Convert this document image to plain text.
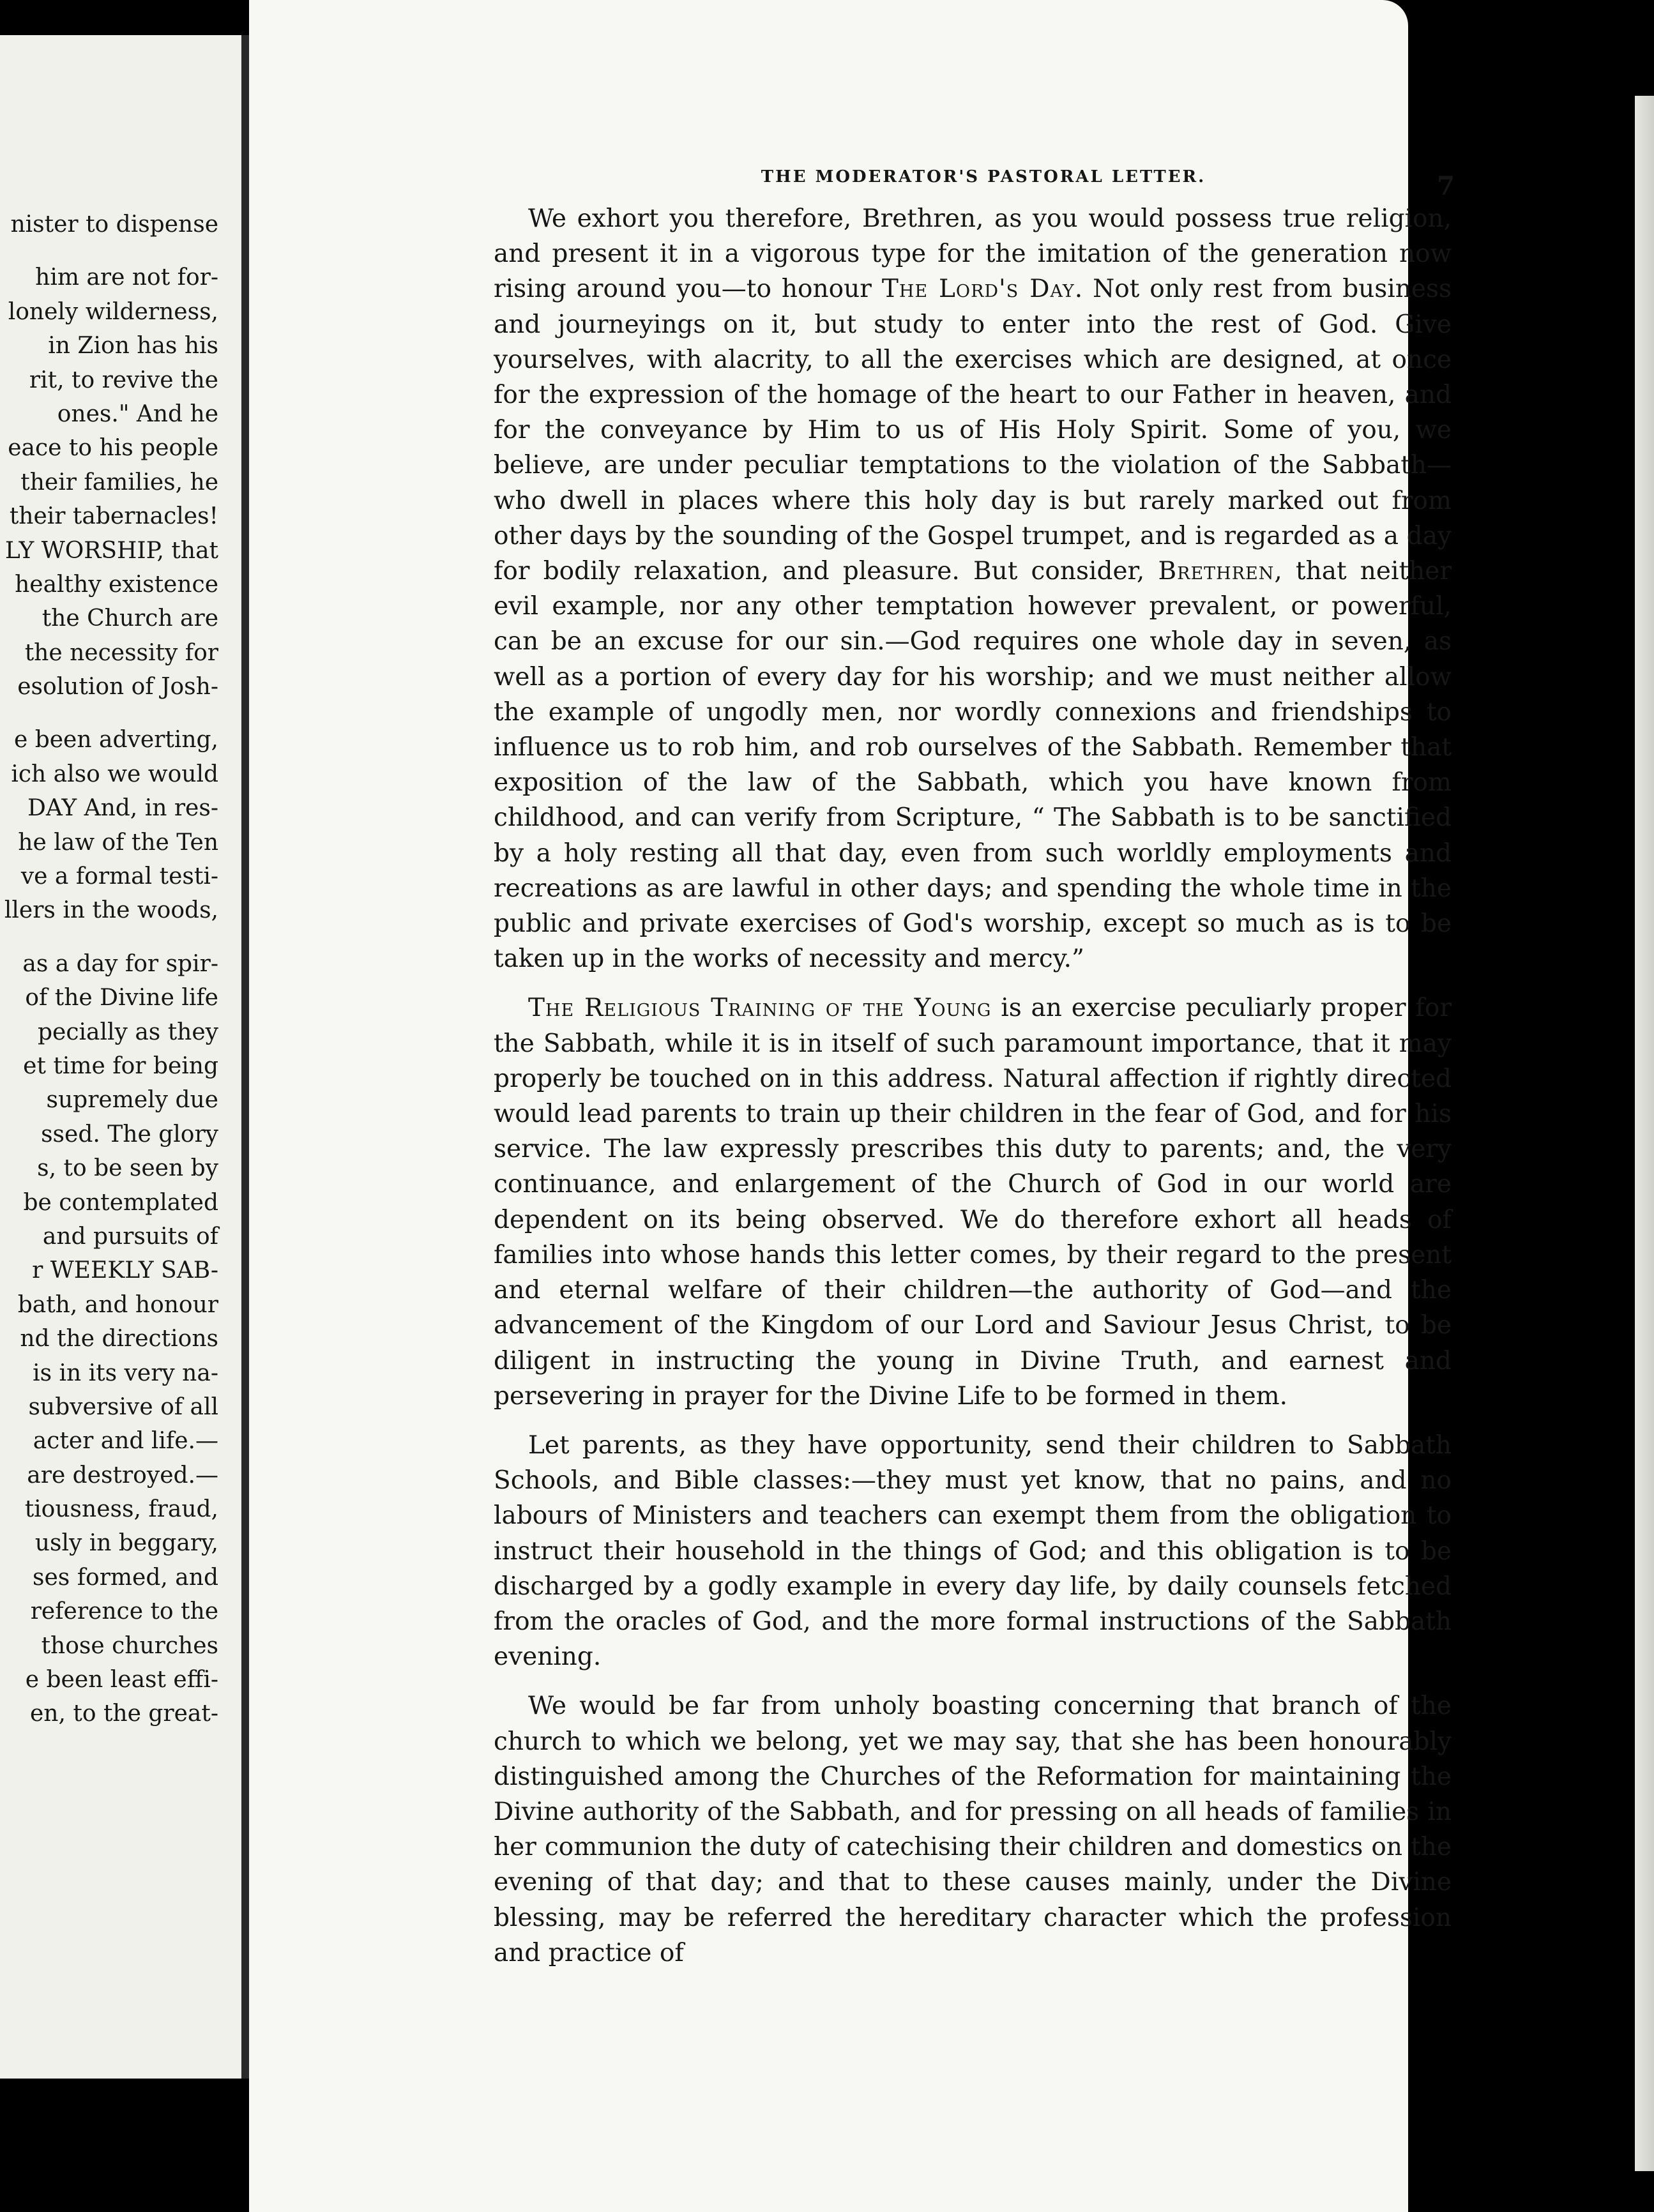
nister to dispense
him are not for-
lonely wilderness,
in Zion has his
rit, to revive the
ones." And he
eace to his people
their families, he
their tabernacles!
LY WORSHIP, that
healthy existence
the Church are
the necessity for
esolution of Josh-
e been adverting,
ich also we would
DAY And, in res-
he law of the Ten
ve a formal testi-
llers in the woods,
as a day for spir-
of the Divine life
pecially as they
et time for being
supremely due
ssed. The glory
s, to be seen by
be contemplated
and pursuits of
r WEEKLY SAB-
bath, and honour
nd the directions
is in its very na-
subversive of all
acter and life.—
are destroyed.—
tiousness, fraud,
usly in beggary,
ses formed, and
reference to the
those churches
e been least effi-
en, to the great-
THE MODERATOR'S PASTORAL LETTER.	7

We exhort you therefore, Brethren, as you would possess true religion, and present it in a vigorous type for the imitation of the generation now rising around you—to honour The Lord's Day. Not only rest from business and journeyings on it, but study to enter into the rest of God. Give yourselves, with alacrity, to all the exercises which are designed, at once for the expression of the homage of the heart to our Father in heaven, and for the conveyance by Him to us of His Holy Spirit. Some of you, we believe, are under peculiar temptations to the violation of the Sabbath—who dwell in places where this holy day is but rarely marked out from other days by the sounding of the Gospel trumpet, and is regarded as a day for bodily relaxation, and pleasure. But consider, Brethren, that neither evil example, nor any other temptation however prevalent, or powerful, can be an excuse for our sin.—God requires one whole day in seven, as well as a portion of every day for his worship; and we must neither allow the example of ungodly men, nor wordly connexions and friendships to influence us to rob him, and rob ourselves of the Sabbath. Remember that exposition of the law of the Sabbath, which you have known from childhood, and can verify from Scripture, “ The Sabbath is to be sanctified by a holy resting all that day, even from such worldly employments and recreations as are lawful in other days; and spending the whole time in the public and private exercises of God's worship, except so much as is to be taken up in the works of necessity and mercy.”

The Religious Training of the Young is an exercise peculiarly proper for the Sabbath, while it is in itself of such paramount importance, that it may properly be touched on in this address. Natural affection if rightly directed would lead parents to train up their children in the fear of God, and for his service. The law expressly prescribes this duty to parents; and, the very continuance, and enlargement of the Church of God in our world are dependent on its being observed. We do therefore exhort all heads of families into whose hands this letter comes, by their regard to the present and eternal welfare of their children—the authority of God—and the advancement of the Kingdom of our Lord and Saviour Jesus Christ, to be diligent in instructing the young in Divine Truth, and earnest and persevering in prayer for the Divine Life to be formed in them.

Let parents, as they have opportunity, send their children to Sabbath Schools, and Bible classes:—they must yet know, that no pains, and no labours of Ministers and teachers can exempt them from the obligation to instruct their household in the things of God; and this obligation is to be discharged by a godly example in every day life, by daily counsels fetched from the oracles of God, and the more formal instructions of the Sabbath evening.

We would be far from unholy boasting concerning that branch of the church to which we belong, yet we may say, that she has been honourably distinguished among the Churches of the Reformation for maintaining the Divine authority of the Sabbath, and for pressing on all heads of families in her communion the duty of catechising their children and domestics on the evening of that day; and that to these causes mainly, under the Divine blessing, may be referred the hereditary character which the profession and practice of
